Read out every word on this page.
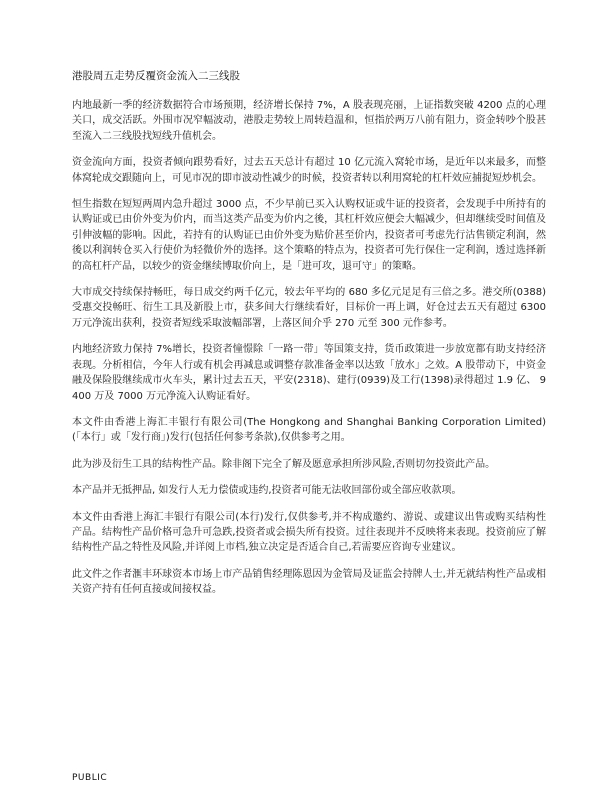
港股周五走势反覆资金流入二三线股

内地最新一季的经济数据符合市场预期，经济增长保持 7%，A 股表现亮丽，上证指数突破 4200 点的心理关口，成交活跃。外围市况窄幅波动，港股走势较上周转趋温和，恒指於两万八前有阻力，资金转吵个股甚至流入二三线股找短线升值机会。

资金流向方面，投资者倾向跟势看好，过去五天总计有超过 10 亿元流入窝轮市场，是近年以来最多，而整体窝轮成交跟随向上，可见市况的即市波动性减少的时候，投资者转以利用窝轮的杠杆效应捕捉短炒机会。

恒生指数在短短两周内急升超过 3000 点，不少早前已买入认购权证或牛证的投资者，会发现手中所持有的认购证或已由价外变为价内，而当这类产品变为价内之後，其杠杆效应便会大幅减少，但却继续受时间值及引伸波幅的影响。因此，若持有的认购证已由价外变为贴价甚至价内，投资者可考虑先行沽售锁定利润，然後以利润转仓买入行使价为轻微价外的选择。这个策略的特点为，投资者可先行保住一定利润，透过选择新的高杠杆产品，以较少的资金继续博取价向上，是「进可攻，退可守」的策略。

大市成交持续保持畅旺，每日成交约两千亿元，较去年平均的 680 多亿元足足有三倍之多。港交所(0388)受惠交投畅旺、衍生工具及新股上市，获多间大行继续看好，目标价一再上调，好仓过去五天有超过 6300 万元净流出获利，投资者短线采取波幅部署，上落区间介乎 270 元至 300 元作参考。

内地经济致力保持 7%增长，投资者憧憬除「一路一带」等国策支持，货币政策进一步放宽都有助支持经济表现。分析相信，今年人行或有机会再减息或调整存款准备金率以达致「放水」之效。A 股带动下，中资金融及保险股继续成市火车头，累计过去五天，平安(2318)、建行(0939)及工行(1398)录得超过 1.9 亿、 9400 万及 7000 万元净流入认购证看好。

本文件由香港上海汇丰银行有限公司(The Hongkong and Shanghai Banking Corporation Limited) (「本行」或「发行商」)发行(包括任何参考条款),仅供参考之用。

此为涉及衍生工具的结构性产品。除非阁下完全了解及愿意承担所涉风险,否则切勿投资此产品。

本产品并无抵押品, 如发行人无力偿债或违约,投资者可能无法收回部份或全部应收款项。

本文件由香港上海汇丰银行有限公司(本行)发行,仅供参考,并不构成邀约、游说、或建议出售或购买结构性产品。结构性产品价格可急升可急跌,投资者或会损失所有投资。过往表现并不反映将来表现。投资前应了解结构性产品之特性及风险,并详阅上市档,独立决定是否适合自己,若需要应咨询专业建议。

此文件之作者滙丰环球资本市场上市产品销售经理陈恩因为金管局及证监会持牌人士,并无就结构性产品或相关资产持有任何直接或间接权益。

PUBLIC
